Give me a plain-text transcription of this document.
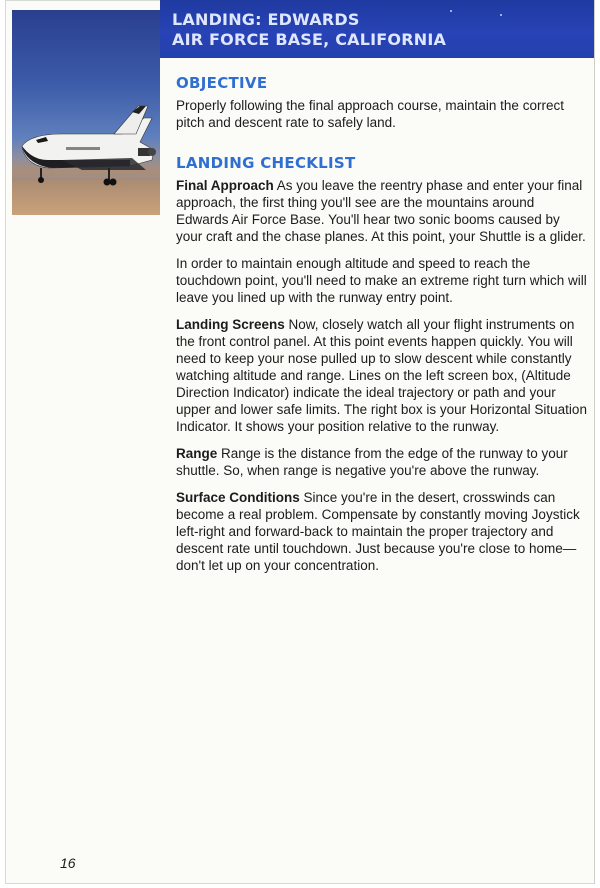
LANDING: EDWARDS
AIR FORCE BASE, CALIFORNIA
OBJECTIVE

Properly following the final approach course, maintain the correct pitch and descent rate to safely land.

LANDING CHECKLIST

Final Approach As you leave the reentry phase and enter your final approach, the first thing you'll see are the mountains around Edwards Air Force Base. You'll hear two sonic booms caused by your craft and the chase planes. At this point, your Shuttle is a glider.

In order to maintain enough altitude and speed to reach the touchdown point, you'll need to make an extreme right turn which will leave you lined up with the runway entry point.

Landing Screens Now, closely watch all your flight instruments on the front control panel. At this point events happen quickly. You will need to keep your nose pulled up to slow descent while constantly watching altitude and range. Lines on the left screen box, (Altitude Direction Indicator) indicate the ideal trajectory or path and your upper and lower safe limits. The right box is your Horizontal Situation Indicator. It shows your position relative to the runway.

Range Range is the distance from the edge of the runway to your shuttle. So, when range is negative you're above the runway.

Surface Conditions Since you're in the desert, crosswinds can become a real problem. Compensate by constantly moving Joystick left-right and forward-back to maintain the proper trajectory and descent rate until touchdown. Just because you're close to home—don't let up on your concentration.

16
